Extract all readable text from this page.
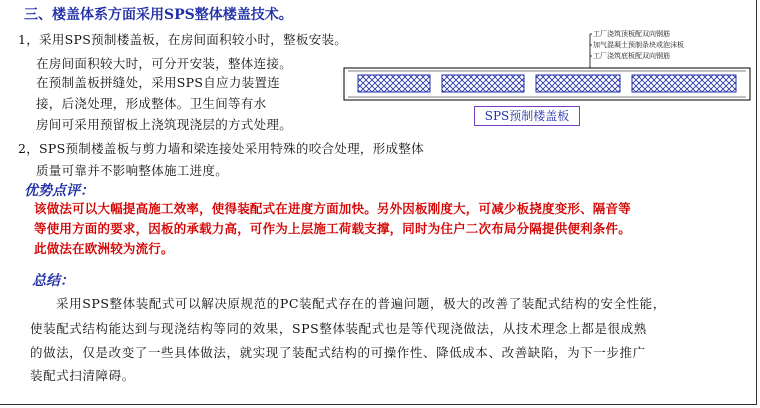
三、楼盖体系方面采用SPS整体楼盖技术。
1，采用SPS预制楼盖板，在房间面积较小时，整板安装。
在房间面积较大时，可分开安装，整体连接。
在预制盖板拼缝处，采用SPS自应力装置连
接，后浇处理，形成整体。卫生间等有水
房间可采用预留板上浇筑现浇层的方式处理。
2，SPS预制楼盖板与剪力墙和梁连接处采用特殊的咬合处理，形成整体
质量可靠并不影响整体施工进度。
工厂浇筑顶板配双向钢筋
加气混凝土预制条块或泡沫板
工厂浇筑底板配双向钢筋
SPS预制楼盖板
优势点评：
该做法可以大幅提高施工效率，使得装配式在进度方面加快。另外因板刚度大，可减少板挠度变形、隔音等
等使用方面的要求，因板的承载力高，可作为上层施工荷载支撑，同时为住户二次布局分隔提供便利条件。
此做法在欧洲较为流行。
总结：
采用SPS整体装配式可以解决原规范的PC装配式存在的普遍问题，极大的改善了装配式结构的安全性能，
使装配式结构能达到与现浇结构等同的效果，SPS整体装配式也是等代现浇做法，从技术理念上都是很成熟
的做法，仅是改变了一些具体做法，就实现了装配式结构的可操作性、降低成本、改善缺陷，为下一步推广
装配式扫清障碍。
